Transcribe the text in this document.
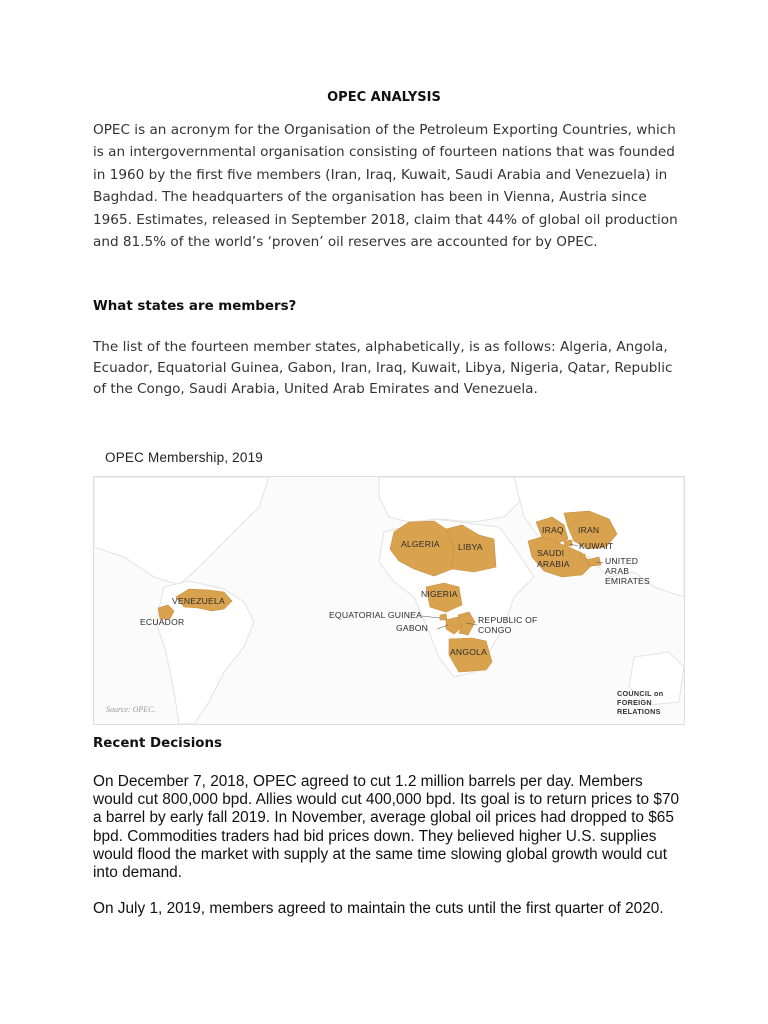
OPEC ANALYSIS

OPEC is an acronym for the Organisation of the Petroleum Exporting Countries, which is an intergovernmental organisation consisting of fourteen nations that was founded in 1960 by the first five members (Iran, Iraq, Kuwait, Saudi Arabia and Venezuela) in Baghdad. The headquarters of the organisation has been in Vienna, Austria since 1965. Estimates, released in September 2018, claim that 44% of global oil production and 81.5% of the world’s ‘proven’ oil reserves are accounted for by OPEC.

What states are members?

The list of the fourteen member states, alphabetically, is as follows: Algeria, Angola, Ecuador, Equatorial Guinea, Gabon, Iran, Iraq, Kuwait, Libya, Nigeria, Qatar, Republic of the Congo, Saudi Arabia, United Arab Emirates and Venezuela.

OPEC Membership, 2019
VENEZUELA
ECUADOR
ALGERIA LIBYA
NIGERIA
EQUATORIAL GUINEA
GABON
REPUBLIC OF
CONGO
ANGOLA
IRAQ IRAN
KUWAIT
SAUDI
ARABIA	UNITED
ARAB
EMIRATES
Source: OPEC.
COUNCIL on
FOREIGN
RELATIONS
Recent Decisions

On December 7, 2018, OPEC agreed to cut 1.2 million barrels per day. Members would cut 800,000 bpd. Allies would cut 400,000 bpd. Its goal is to return prices to $70 a barrel by early fall 2019. In November, average global oil prices had dropped to $65 bpd. Commodities traders had bid prices down. They believed higher U.S. supplies would flood the market with supply at the same time slowing global growth would cut into demand.

On July 1, 2019, members agreed to maintain the cuts until the first quarter of 2020.
